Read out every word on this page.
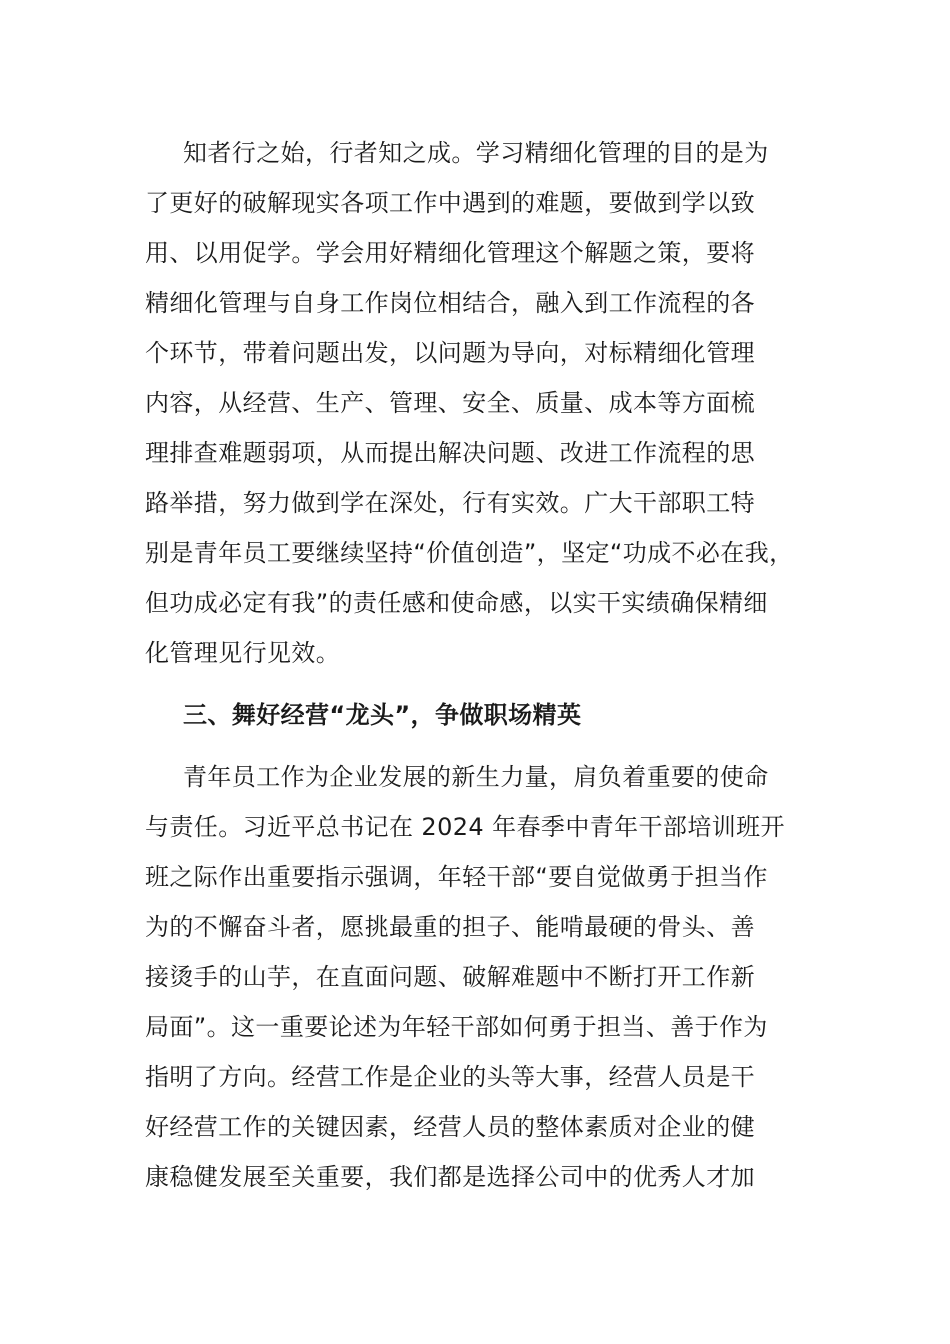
知者行之始，行者知之成。学习精细化管理的目的是为
了更好的破解现实各项工作中遇到的难题，要做到学以致
用、以用促学。学会用好精细化管理这个解题之策，要将
精细化管理与自身工作岗位相结合，融入到工作流程的各
个环节，带着问题出发，以问题为导向，对标精细化管理
内容，从经营、生产、管理、安全、质量、成本等方面梳
理排查难题弱项，从而提出解决问题、改进工作流程的思
路举措，努力做到学在深处，行有实效。广大干部职工特
别是青年员工要继续坚持“价值创造”，坚定“功成不必在我，
但功成必定有我”的责任感和使命感，以实干实绩确保精细
化管理见行见效。
三、舞好经营“龙头”，争做职场精英
青年员工作为企业发展的新生力量，肩负着重要的使命
与责任。习近平总书记在 2024 年春季中青年干部培训班开
班之际作出重要指示强调，年轻干部“要自觉做勇于担当作
为的不懈奋斗者，愿挑最重的担子、能啃最硬的骨头、善
接烫手的山芋，在直面问题、破解难题中不断打开工作新
局面”。这一重要论述为年轻干部如何勇于担当、善于作为
指明了方向。经营工作是企业的头等大事，经营人员是干
好经营工作的关键因素，经营人员的整体素质对企业的健
康稳健发展至关重要，我们都是选择公司中的优秀人才加
